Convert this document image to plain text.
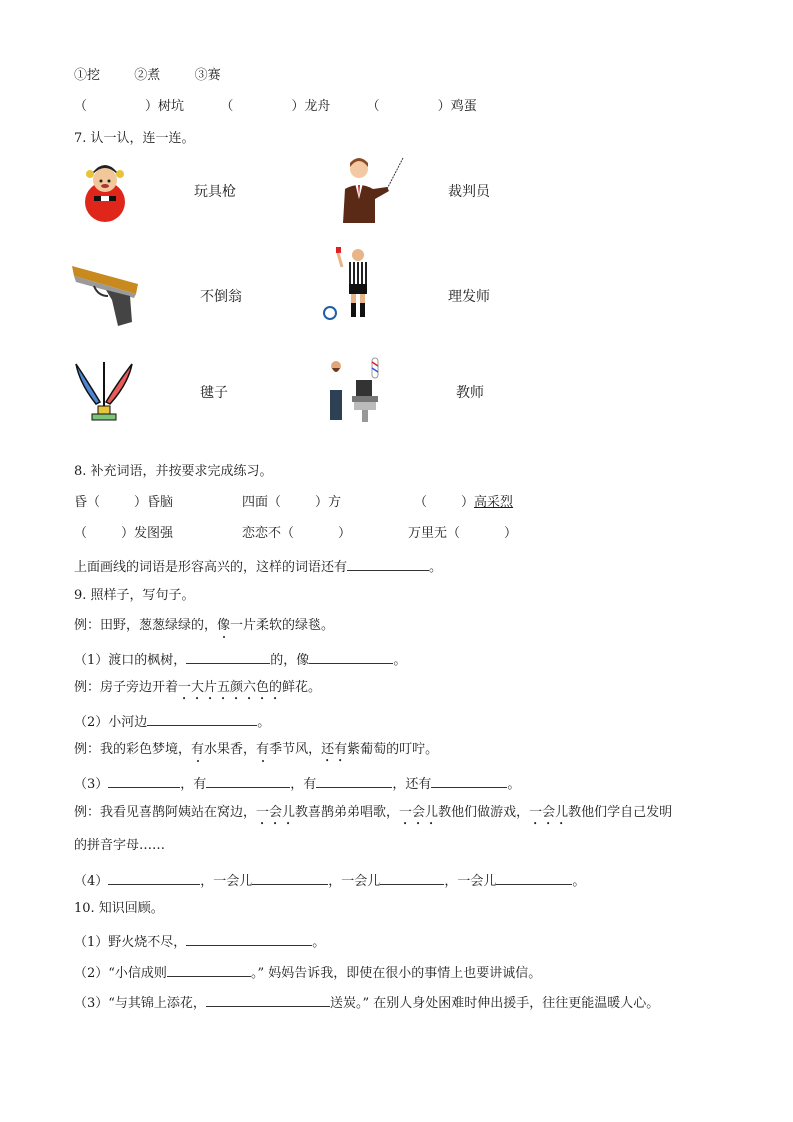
①挖	②煮	③赛
（	）树坑	（	）龙舟	（	）鸡蛋
7. 认一认，连一连。
玩具枪	裁判员
不倒翁	理发师
毽子	教师
8. 补充词语，并按要求完成练习。
昏（	）昏脑	四面（	）方	（	）高采烈
（	）发图强	恋恋不（	）	万里无（	）
上面画线的词语是形容高兴的，这样的词语还有	。
9. 照样子，写句子。
例：田野，葱葱绿绿的，像一片柔软的绿毯。
（1）渡口的枫树，	的，像	。
例：房子旁边开着一大片五颜六色的鲜花。
（2）小河边	。
例：我的彩色梦境，有水果香，有季节风，还有紫葡萄的叮咛。
（3）	，有	，有	，还有	。
例：我看见喜鹊阿姨站在窝边，一会儿教喜鹊弟弟唱歌，一会儿教他们做游戏，一会儿教他们学自己发明
的拼音字母……
（4）	，一会儿	，一会儿	，一会儿	。
10. 知识回顾。
（1）野火烧不尽，	。
（2）“小信成则	。” 妈妈告诉我，即使在很小的事情上也要讲诚信。
（3）“与其锦上添花，	送炭。” 在别人身处困难时伸出援手，往往更能温暖人心。
